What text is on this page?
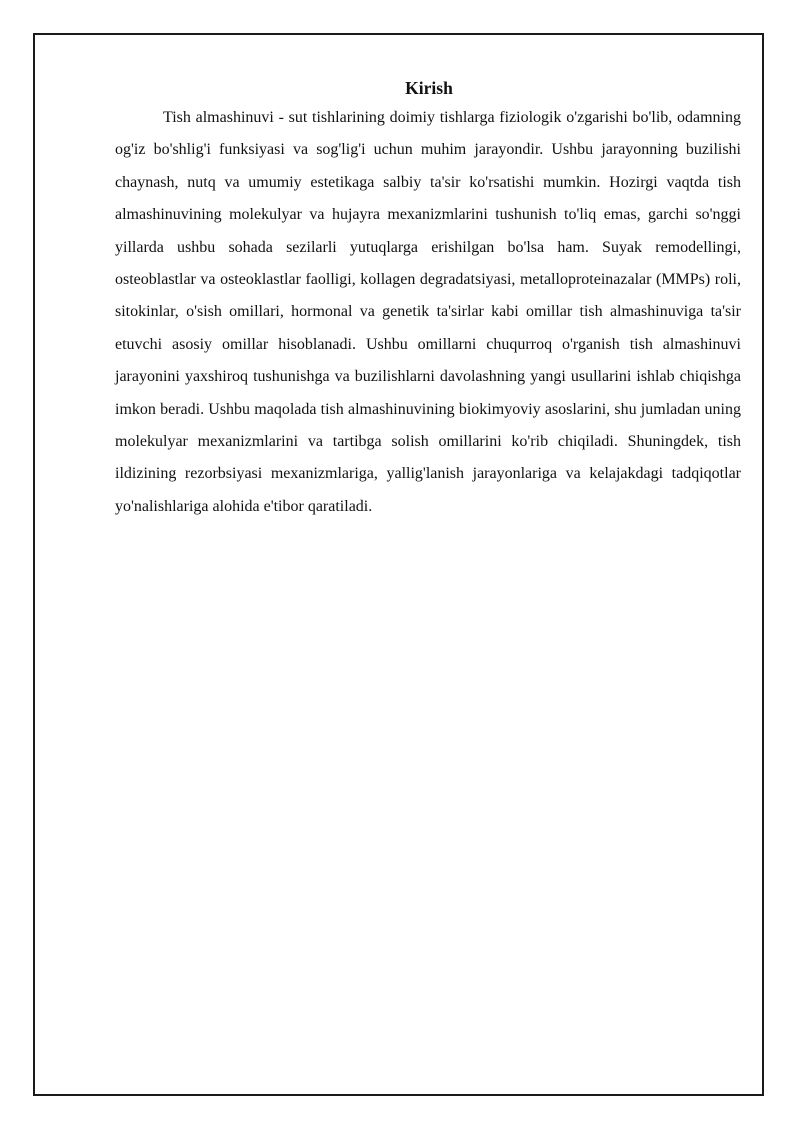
Kirish

Tish almashinuvi - sut tishlarining doimiy tishlarga fiziologik o'zgarishi bo'lib, odamning og'iz bo'shlig'i funksiyasi va sog'lig'i uchun muhim jarayondir. Ushbu jarayonning buzilishi chaynash, nutq va umumiy estetikaga salbiy ta'sir ko'rsatishi mumkin. Hozirgi vaqtda tish almashinuvining molekulyar va hujayra mexanizmlarini tushunish to'liq emas, garchi so'nggi yillarda ushbu sohada sezilarli yutuqlarga erishilgan bo'lsa ham. Suyak remodellingi, osteoblastlar va osteoklastlar faolligi, kollagen degradatsiyasi, metalloproteinazalar (MMPs) roli, sitokinlar, o'sish omillari, hormonal va genetik ta'sirlar kabi omillar tish almashinuviga ta'sir etuvchi asosiy omillar hisoblanadi. Ushbu omillarni chuqurroq o'rganish tish almashinuvi jarayonini yaxshiroq tushunishga va buzilishlarni davolashning yangi usullarini ishlab chiqishga imkon beradi. Ushbu maqolada tish almashinuvining biokimyoviy asoslarini, shu jumladan uning molekulyar mexanizmlarini va tartibga solish omillarini ko'rib chiqiladi. Shuningdek, tish ildizining rezorbsiyasi mexanizmlariga, yallig'lanish jarayonlariga va kelajakdagi tadqiqotlar yo'nalishlariga alohida e'tibor qaratiladi.
